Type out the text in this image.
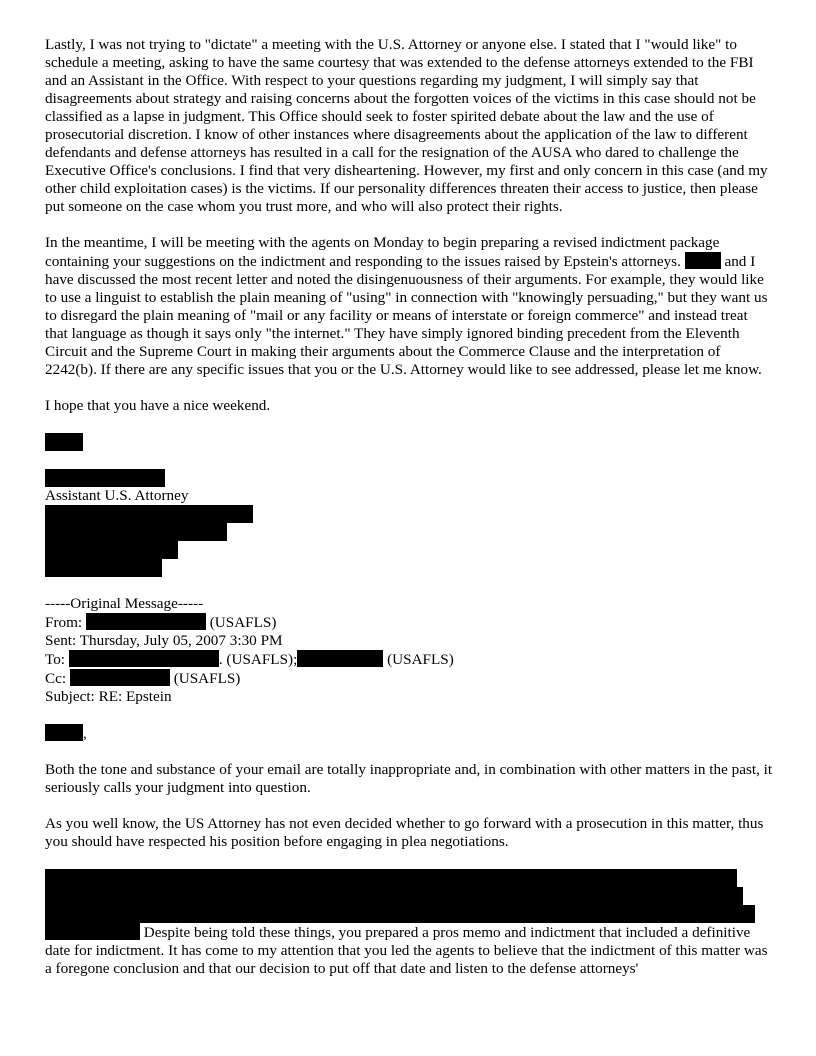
Lastly, I was not trying to "dictate" a meeting with the U.S. Attorney or anyone else. I stated that I "would like" to schedule a meeting, asking to have the same courtesy that was extended to the defense attorneys extended to the FBI and an Assistant in the Office. With respect to your questions regarding my judgment, I will simply say that disagreements about strategy and raising concerns about the forgotten voices of the victims in this case should not be classified as a lapse in judgment. This Office should seek to foster spirited debate about the law and the use of prosecutorial discretion. I know of other instances where disagreements about the application of the law to different defendants and defense attorneys has resulted in a call for the resignation of the AUSA who dared to challenge the Executive Office's conclusions. I find that very disheartening. However, my first and only concern in this case (and my other child exploitation cases) is the victims. If our personality differences threaten their access to justice, then please put someone on the case whom you trust more, and who will also protect their rights.

In the meantime, I will be meeting with the agents on Monday to begin preparing a revised indictment package containing your suggestions on the indictment and responding to the issues raised by Epstein's attorneys.	and I have discussed the most recent letter and noted the disingenuousness of their arguments. For example, they would like to use a linguist to establish the plain meaning of "using" in connection with "knowingly persuading," but they want us to disregard the plain meaning of "mail or any facility or means of interstate or foreign commerce" and instead treat that language as though it says only "the internet." They have simply ignored binding precedent from the Eleventh Circuit and the Supreme Court in making their arguments about the Commerce Clause and the interpretation of 2242(b). If there are any specific issues that you or the U.S. Attorney would like to see addressed, please let me know.

I hope that you have a nice weekend.

Assistant U.S. Attorney

-----Original Message-----

From:	(USAFLS)

Sent: Thursday, July 05, 2007 3:30 PM

To:	. (USAFLS);	(USAFLS)

Cc:	(USAFLS)

Subject: RE: Epstein

,

Both the tone and substance of your email are totally inappropriate and, in combination with other matters in the past, it seriously calls your judgment into question.

As you well know, the US Attorney has not even decided whether to go forward with a prosecution in this matter, thus you should have respected his position before engaging in plea negotiations.

Despite being told these things, you prepared a pros memo and indictment that included a definitive date for indictment. It has come to my attention that you led the agents to believe that the indictment of this matter was a foregone conclusion and that our decision to put off that date and listen to the defense attorneys'
